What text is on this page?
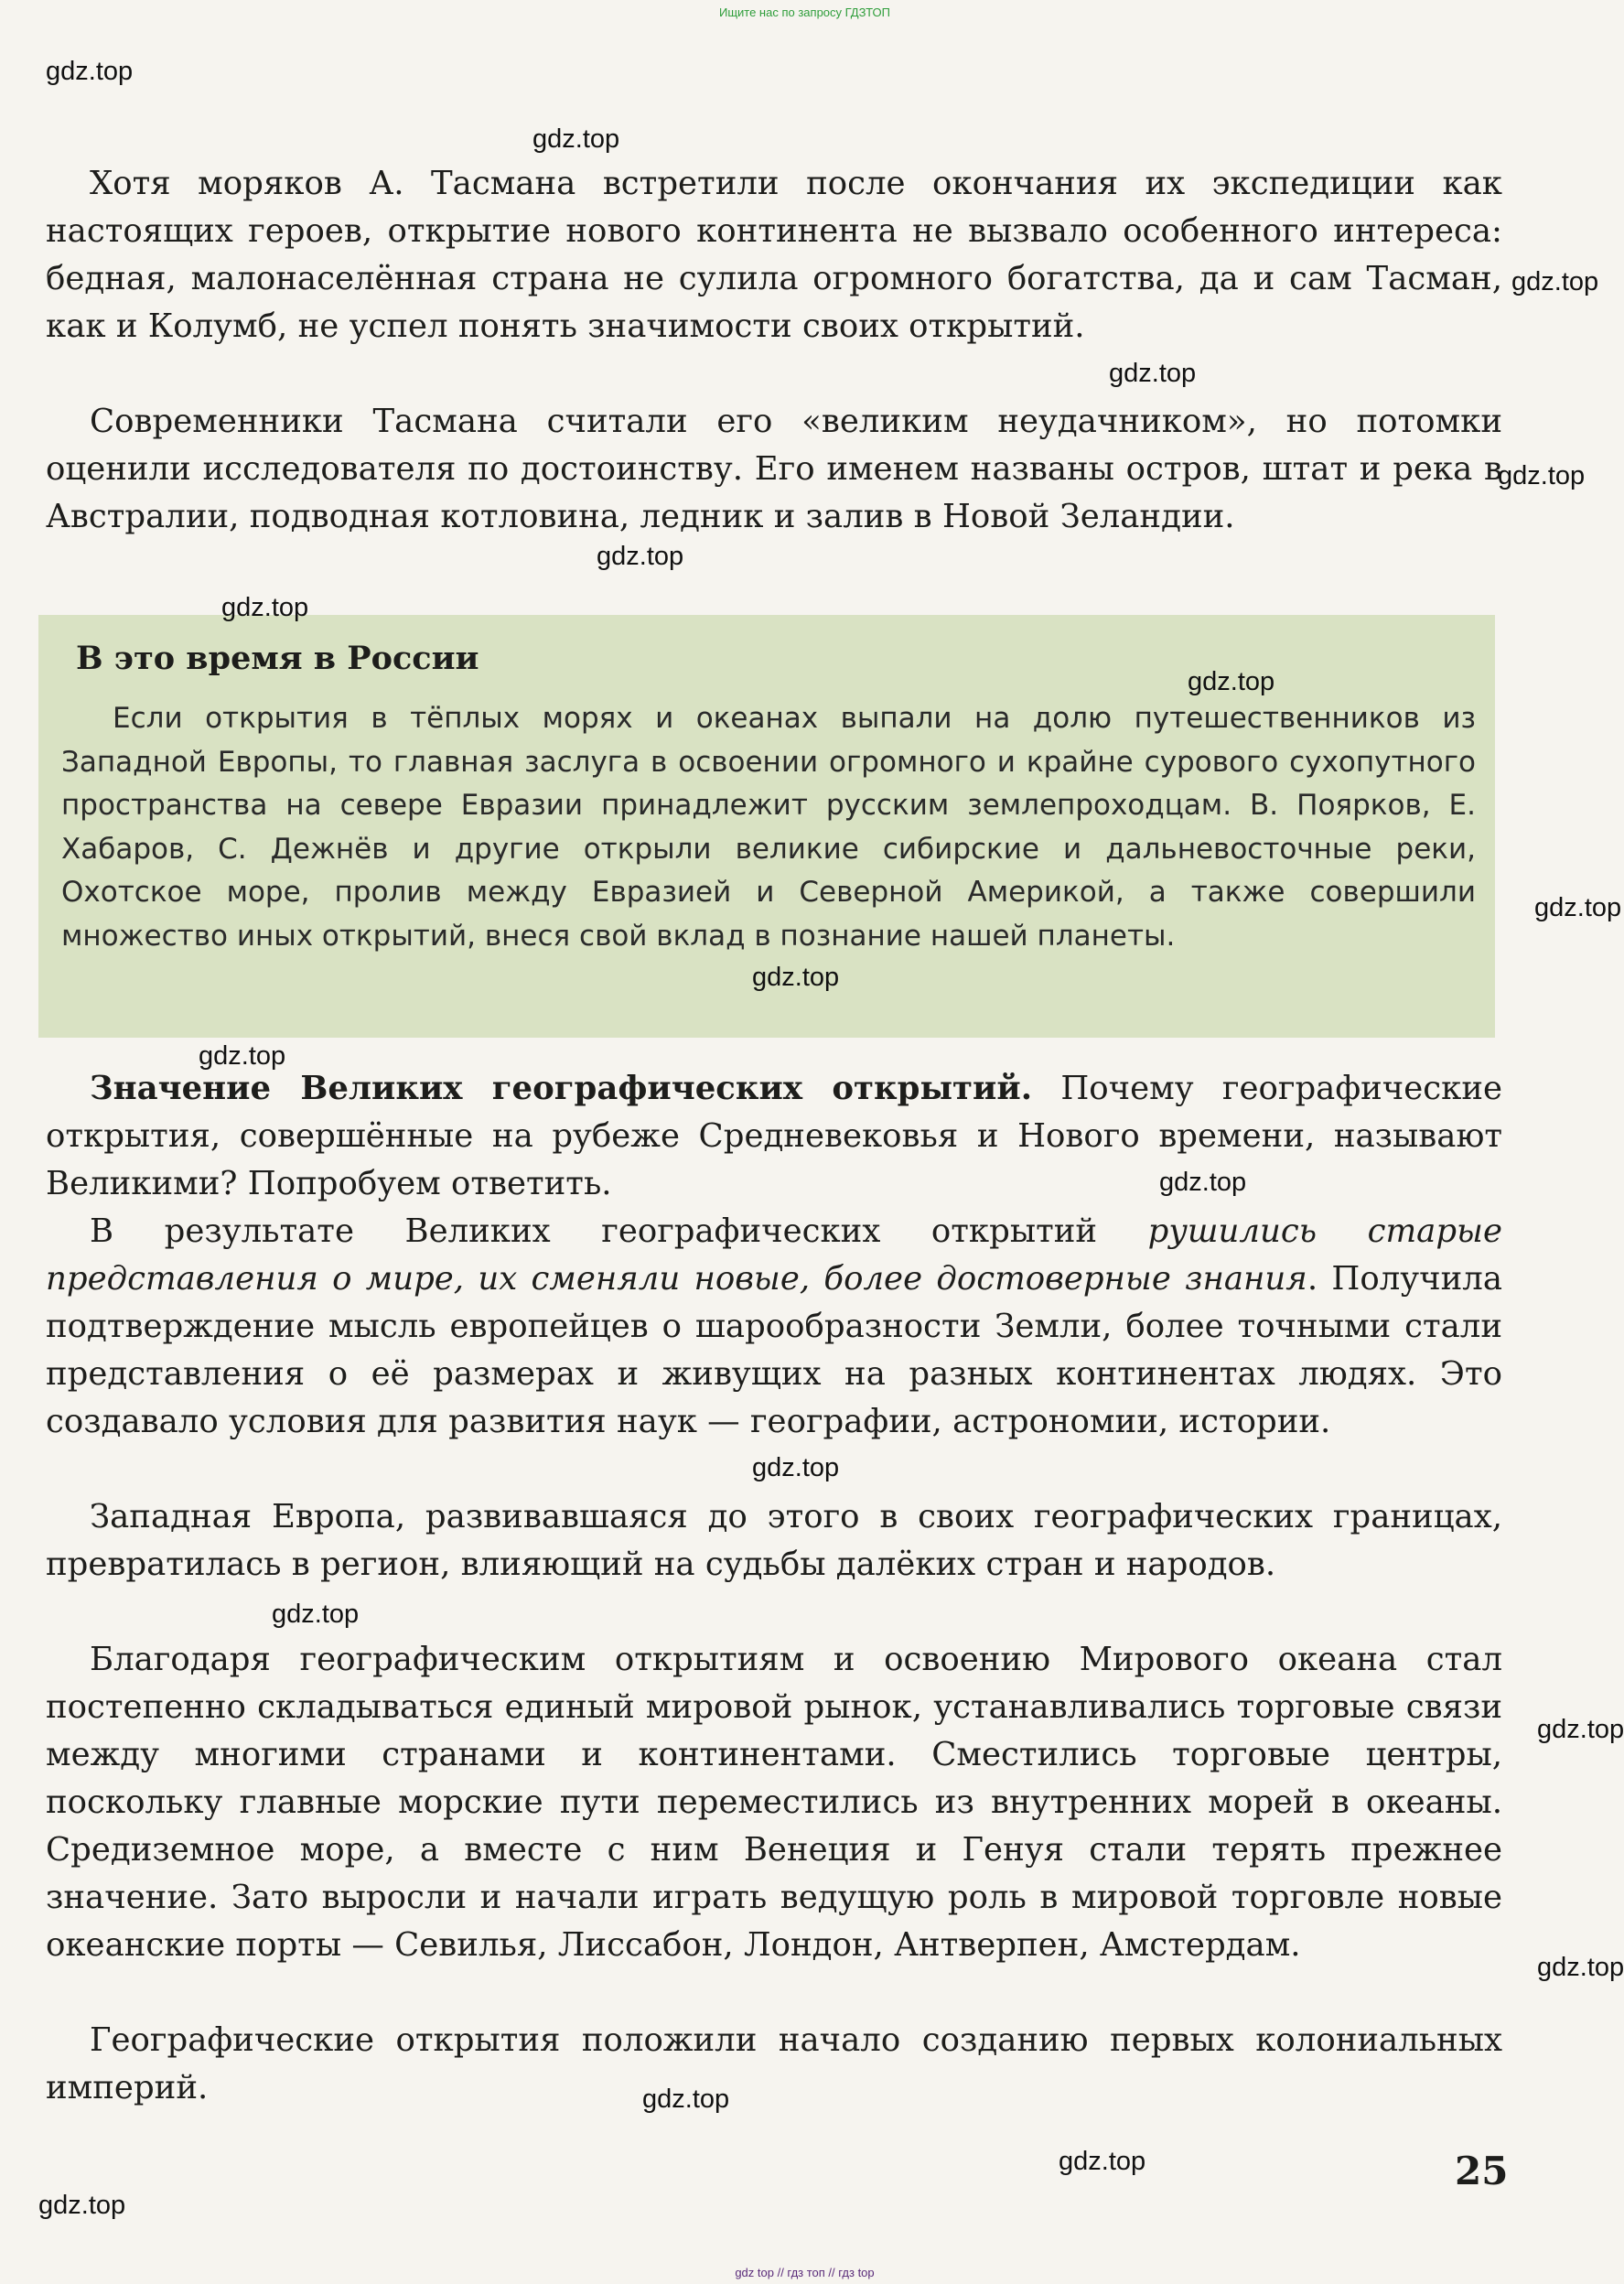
Ищите нас по запросу ГДЗТОП

Хотя моряков А. Тасмана встретили после окончания их экспедиции как настоящих героев, открытие нового континента не вызвало особенного интереса: бедная, малонаселённая страна не сулила огромного богатства, да и сам Тасман, как и Колумб, не успел понять значимости своих открытий.

Современники Тасмана считали его «великим неудачником», но потомки оценили исследователя по достоинству. Его именем названы остров, штат и река в Австралии, подводная котловина, ледник и залив в Новой Зеландии.

В это время в России

Если открытия в тёплых морях и океанах выпали на долю путешественников из Западной Европы, то главная заслуга в освоении огромного и крайне сурового сухопутного пространства на севере Евразии принадлежит русским землепроходцам. В. Поярков, Е. Хабаров, С. Дежнёв и другие открыли великие сибирские и дальневосточные реки, Охотское море, пролив между Евразией и Северной Америкой, а также совершили множество иных открытий, внеся свой вклад в познание нашей планеты.

Значение Великих географических открытий. Почему географические открытия, совершённые на рубеже Средневековья и Нового времени, называют Великими? Попробуем ответить.

В результате Великих географических открытий рушились старые представления о мире, их сменяли новые, более достоверные знания. Получила подтверждение мысль европейцев о шарообразности Земли, более точными стали представления о её размерах и живущих на разных континентах людях. Это создавало условия для развития наук — географии, астрономии, истории.

Западная Европа, развивавшаяся до этого в своих географических границах, превратилась в регион, влияющий на судьбы далёких стран и народов.

Благодаря географическим открытиям и освоению Мирового океана стал постепенно складываться единый мировой рынок, устанавливались торговые связи между многими странами и континентами. Сместились торговые центры, поскольку главные морские пути переместились из внутренних морей в океаны. Средиземное море, а вместе с ним Венеция и Генуя стали терять прежнее значение. Зато выросли и начали играть ведущую роль в мировой торговле новые океанские порты — Севилья, Лиссабон, Лондон, Антверпен, Амстердам.

Географические открытия положили начало созданию первых колониальных империй.

25
gdz.top
gdz.top
gdz.top
gdz.top
gdz.top
gdz.top
gdz.top
gdz.top
gdz.top
gdz.top
gdz.top
gdz.top
gdz.top
gdz.top
gdz.top
gdz.top
gdz.top
gdz.top
gdz.top
gdz top // гдз топ // гдз top
